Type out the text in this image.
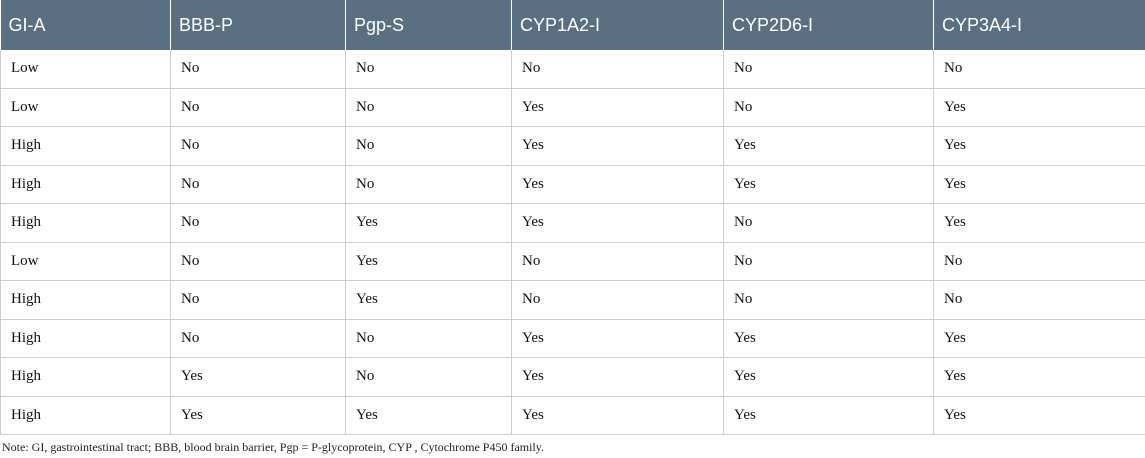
GI-A	BBB-P	Pgp-S	CYP1A2-I	CYP2D6-I	CYP3A4-I
Low	No	No	No	No	No
Low	No	No	Yes	No	Yes
High	No	No	Yes	Yes	Yes
High	No	No	Yes	Yes	Yes
High	No	Yes	Yes	No	Yes
Low	No	Yes	No	No	No
High	No	Yes	No	No	No
High	No	No	Yes	Yes	Yes
High	Yes	No	Yes	Yes	Yes
High	Yes	Yes	Yes	Yes	Yes
Note: GI, gastrointestinal tract; BBB, blood brain barrier, Pgp = P-glycoprotein, CYP , Cytochrome P450 family.
